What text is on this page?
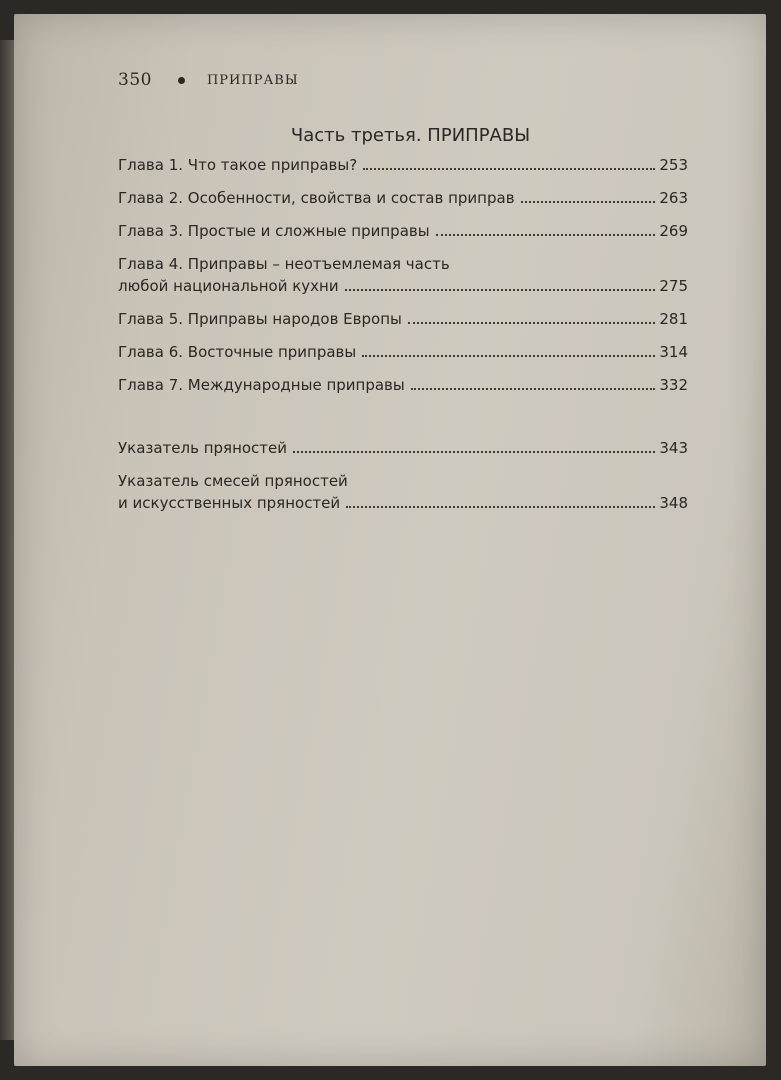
350	ПРИПРАВЫ
Часть третья. ПРИПРАВЫ
Глава 1. Что такое приправы?	253
Глава 2. Особенности, свойства и состав приправ	263
Глава 3. Простые и сложные приправы	269
Глава 4. Приправы – неотъемлемая часть
любой национальной кухни	275
Глава 5. Приправы народов Европы	281
Глава 6. Восточные приправы	314
Глава 7. Международные приправы	332
Указатель пряностей	343
Указатель смесей пряностей
и искусственных пряностей	348
